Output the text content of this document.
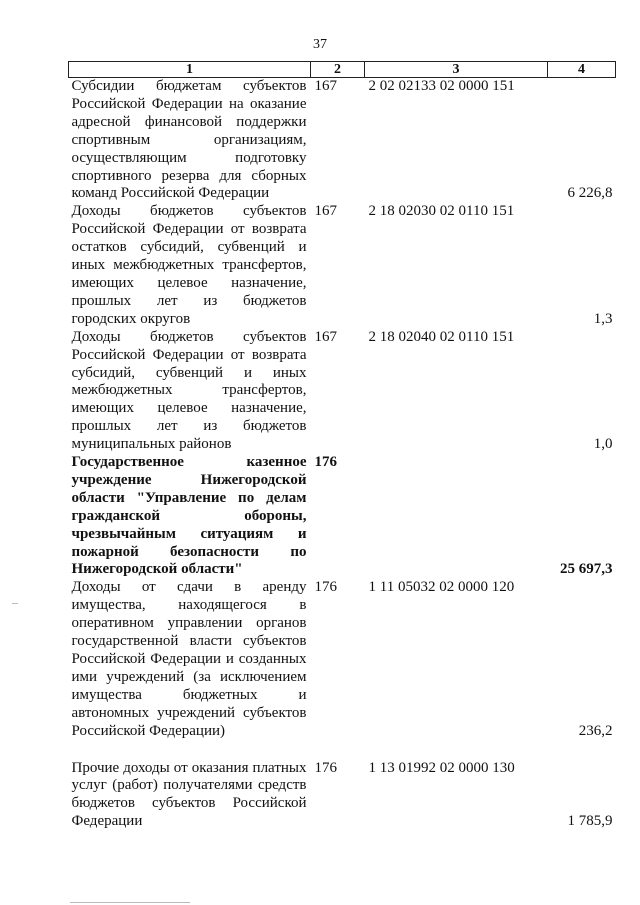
37
1	2	3	4
Субсидии бюджетам субъектов Российской Федерации на оказание адресной финансовой поддержки спортивным организациям, осуществляющим подготовку спортивного резерва для сборных команд Российской Федерации	167	2 02 02133 02 0000 151	6 226,8
Доходы бюджетов субъектов Российской Федерации от возврата остатков субсидий, субвенций и иных межбюджетных трансфертов, имеющих целевое назначение, прошлых лет из бюджетов городских округов	167	2 18 02030 02 0110 151	1,3
Доходы бюджетов субъектов Российской Федерации от возврата субсидий, субвенций и иных межбюджетных трансфертов, имеющих целевое назначение, прошлых лет из бюджетов муниципальных районов	167	2 18 02040 02 0110 151	1,0
Государственное казенное учреждение Нижегородской области "Управление по делам гражданской обороны, чрезвычайным ситуациям и пожарной безопасности по Нижегородской области"	176		25 697,3
Доходы от сдачи в аренду имущества, находящегося в оперативном управлении органов государственной власти субъектов Российской Федерации и созданных ими учреждений (за исключением имущества бюджетных и автономных учреждений субъектов Российской Федерации)	176	1 11 05032 02 0000 120	236,2

Прочие доходы от оказания платных услуг (работ) получателями средств бюджетов субъектов Российской Федерации	176	1 13 01992 02 0000 130	1 785,9
